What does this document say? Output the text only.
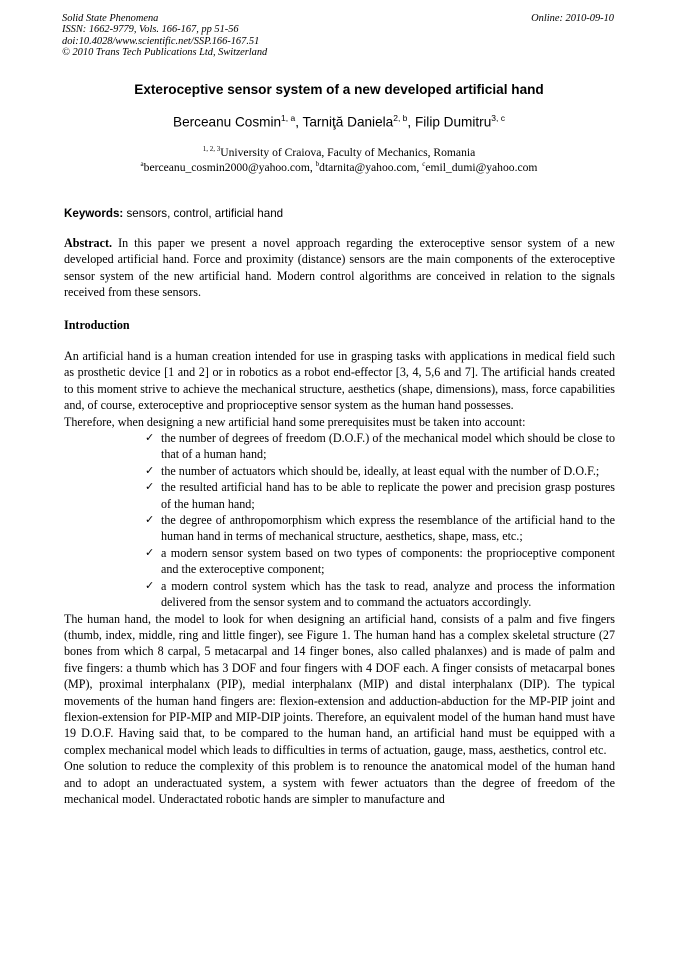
Solid State Phenomena
ISSN: 1662-9779, Vols. 166-167, pp 51-56
doi:10.4028/www.scientific.net/SSP.166-167.51
© 2010 Trans Tech Publications Ltd, Switzerland
Online: 2010-09-10
Exteroceptive sensor system of a new developed artificial hand
Berceanu Cosmin$^{1, a}$, Tarniţă Daniela$^{2, b}$, Filip Dumitru$^{3, c}$
$^{1, 2, 3}$University of Craiova, Faculty of Mechanics, Romania
$^a$berceanu_cosmin2000@yahoo.com, $^b$dtarnita@yahoo.com, $^c$emil_dumi@yahoo.com
Keywords: sensors, control, artificial hand

Abstract. In this paper we present a novel approach regarding the exteroceptive sensor system of a new developed artificial hand. Force and proximity (distance) sensors are the main components of the exteroceptive sensor system of the new artificial hand. Modern control algorithms are conceived in relation to the signals received from these sensors.

Introduction

An artificial hand is a human creation intended for use in grasping tasks with applications in medical field such as prosthetic device [1 and 2] or in robotics as a robot end-effector [3, 4, 5,6 and 7]. The artificial hands created to this moment strive to achieve the mechanical structure, aesthetics (shape, dimensions), mass, force capabilities and, of course, exteroceptive and proprioceptive sensor system as the human hand possesses.

Therefore, when designing a new artificial hand some prerequisites must be taken into account:

✓ the number of degrees of freedom (D.O.F.) of the mechanical model which should be close to that of a human hand;
✓ the number of actuators which should be, ideally, at least equal with the number of D.O.F.;
✓ the resulted artificial hand has to be able to replicate the power and precision grasp postures of the human hand;
✓ the degree of anthropomorphism which express the resemblance of the artificial hand to the human hand in terms of mechanical structure, aesthetics, shape, mass, etc.;
✓ a modern sensor system based on two types of components: the proprioceptive component and the exteroceptive component;
✓ a modern control system which has the task to read, analyze and process the information delivered from the sensor system and to command the actuators accordingly.

The human hand, the model to look for when designing an artificial hand, consists of a palm and five fingers (thumb, index, middle, ring and little finger), see Figure 1. The human hand has a complex skeletal structure (27 bones from which 8 carpal, 5 metacarpal and 14 finger bones, also called phalanxes) and is made of palm and five fingers: a thumb which has 3 DOF and four fingers with 4 DOF each. A finger consists of metacarpal bones (MP), proximal interphalanx (PIP), medial interphalanx (MIP) and distal interphalanx (DIP). The typical movements of the human hand fingers are: flexion-extension and adduction-abduction for the MP-PIP joint and flexion-extension for PIP-MIP and MIP-DIP joints. Therefore, an equivalent model of the human hand must have 19 D.O.F. Having said that, to be compared to the human hand, an artificial hand must be equipped with a complex mechanical model which leads to difficulties in terms of actuation, gauge, mass, aesthetics, control etc.

One solution to reduce the complexity of this problem is to renounce the anatomical model of the human hand and to adopt an underactuated system, a system with fewer actuators than the degree of freedom of the mechanical model. Underactated robotic hands are simpler to manufacture and
